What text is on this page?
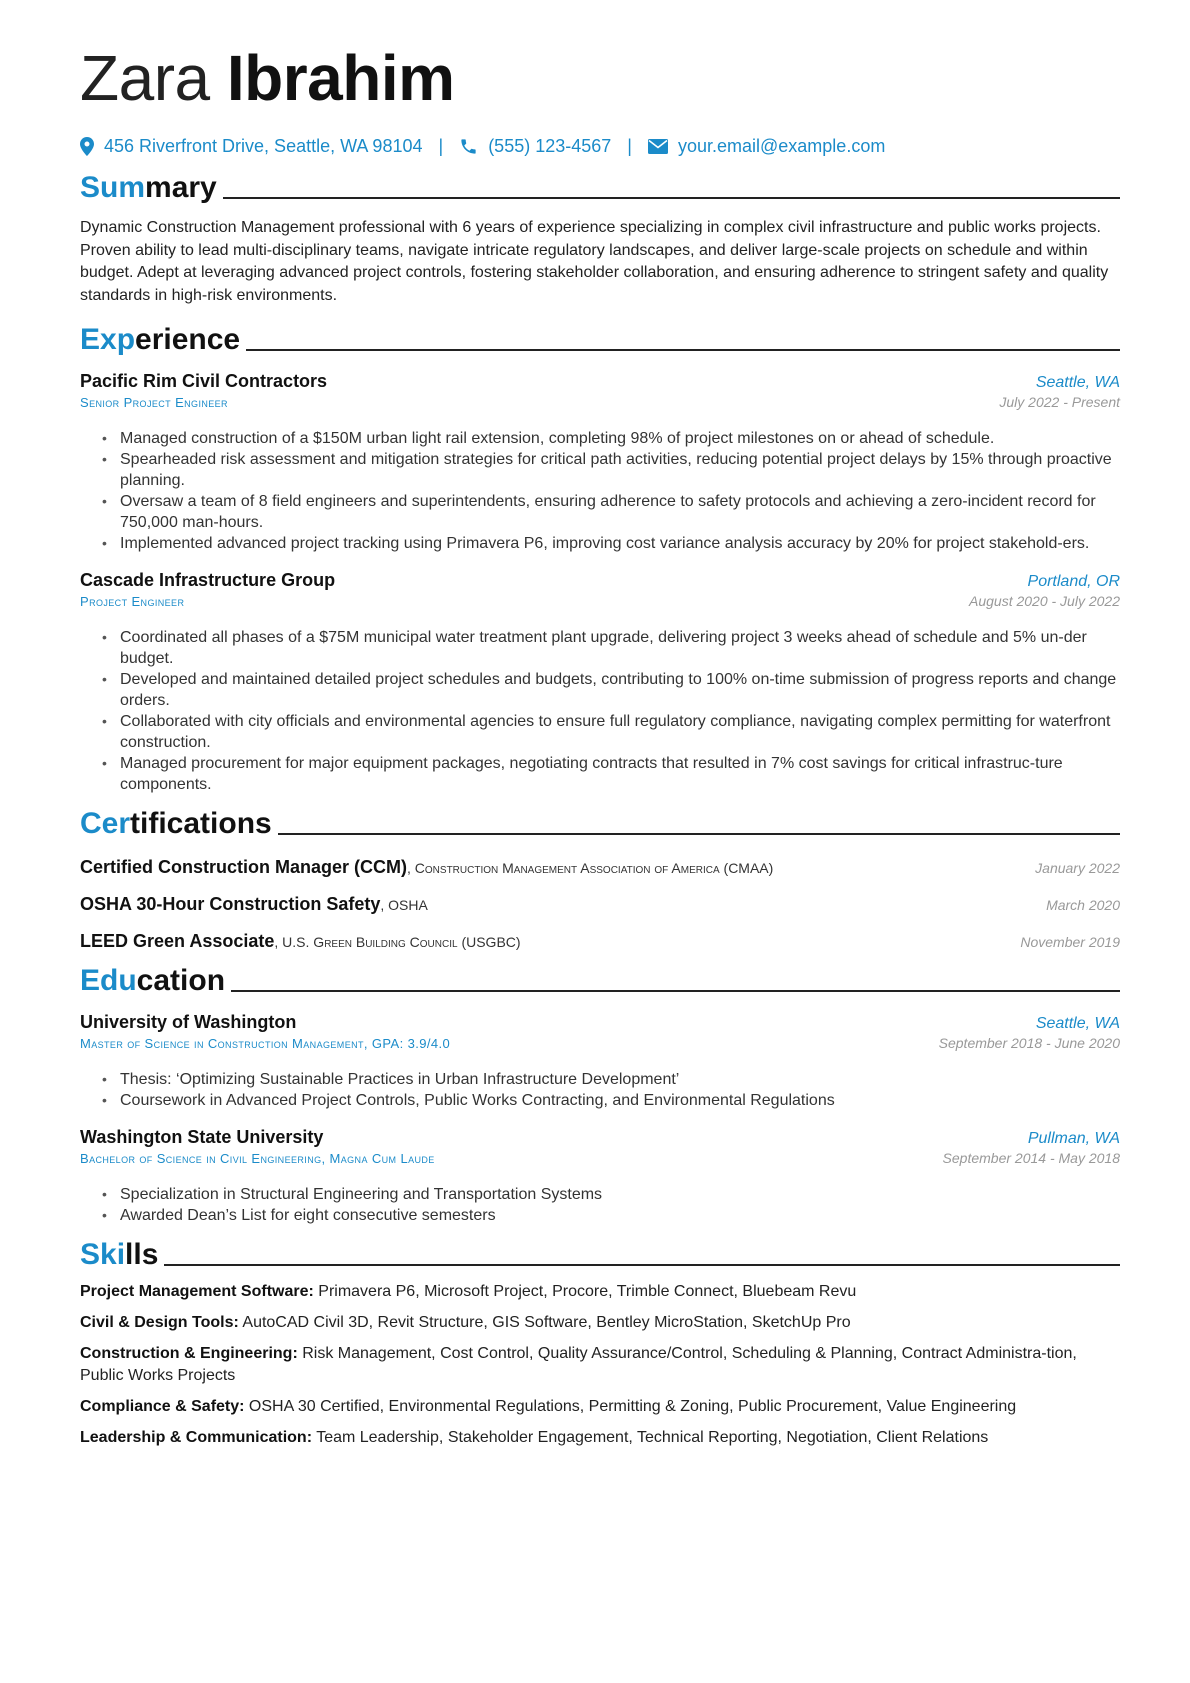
Zara Ibrahim
456 Riverfront Drive, Seattle, WA 98104 |	(555) 123-4567 |	your.email@example.com
Summary

Dynamic Construction Management professional with 6 years of experience specializing in complex civil infrastructure and public works projects. Proven ability to lead multi-disciplinary teams, navigate intricate regulatory landscapes, and deliver large-scale projects on schedule and within budget. Adept at leveraging advanced project controls, fostering stakeholder collaboration, and ensuring adherence to stringent safety and quality standards in high-risk environments.

Experience
Pacific Rim Civil Contractors	Seattle, WA
Senior Project Engineer	July 2022 - Present
• Managed construction of a $150M urban light rail extension, completing 98% of project milestones on or ahead of schedule.
• Spearheaded risk assessment and mitigation strategies for critical path activities, reducing potential project delays by 15% through proactive planning.
• Oversaw a team of 8 field engineers and superintendents, ensuring adherence to safety protocols and achieving a zero-incident record for 750,000 man-hours.
• Implemented advanced project tracking using Primavera P6, improving cost variance analysis accuracy by 20% for project stakehold-ers.
Cascade Infrastructure Group	Portland, OR
Project Engineer	August 2020 - July 2022
• Coordinated all phases of a $75M municipal water treatment plant upgrade, delivering project 3 weeks ahead of schedule and 5% un-der budget.
• Developed and maintained detailed project schedules and budgets, contributing to 100% on-time submission of progress reports and change orders.
• Collaborated with city officials and environmental agencies to ensure full regulatory compliance, navigating complex permitting for waterfront construction.
• Managed procurement for major equipment packages, negotiating contracts that resulted in 7% cost savings for critical infrastruc-ture components.
Certifications
Certified Construction Manager (CCM), Construction Management Association of America (CMAA)	January 2022
OSHA 30-Hour Construction Safety, OSHA	March 2020
LEED Green Associate, U.S. Green Building Council (USGBC)	November 2019
Education
University of Washington	Seattle, WA
Master of Science in Construction Management, GPA: 3.9/4.0	September 2018 - June 2020
• Thesis: ‘Optimizing Sustainable Practices in Urban Infrastructure Development’
• Coursework in Advanced Project Controls, Public Works Contracting, and Environmental Regulations
Washington State University	Pullman, WA
Bachelor of Science in Civil Engineering, Magna Cum Laude	September 2014 - May 2018
• Specialization in Structural Engineering and Transportation Systems
• Awarded Dean’s List for eight consecutive semesters
Skills
Project Management Software: Primavera P6, Microsoft Project, Procore, Trimble Connect, Bluebeam Revu
Civil & Design Tools: AutoCAD Civil 3D, Revit Structure, GIS Software, Bentley MicroStation, SketchUp Pro
Construction & Engineering: Risk Management, Cost Control, Quality Assurance/Control, Scheduling & Planning, Contract Administra-tion, Public Works Projects
Compliance & Safety: OSHA 30 Certified, Environmental Regulations, Permitting & Zoning, Public Procurement, Value Engineering
Leadership & Communication: Team Leadership, Stakeholder Engagement, Technical Reporting, Negotiation, Client Relations
